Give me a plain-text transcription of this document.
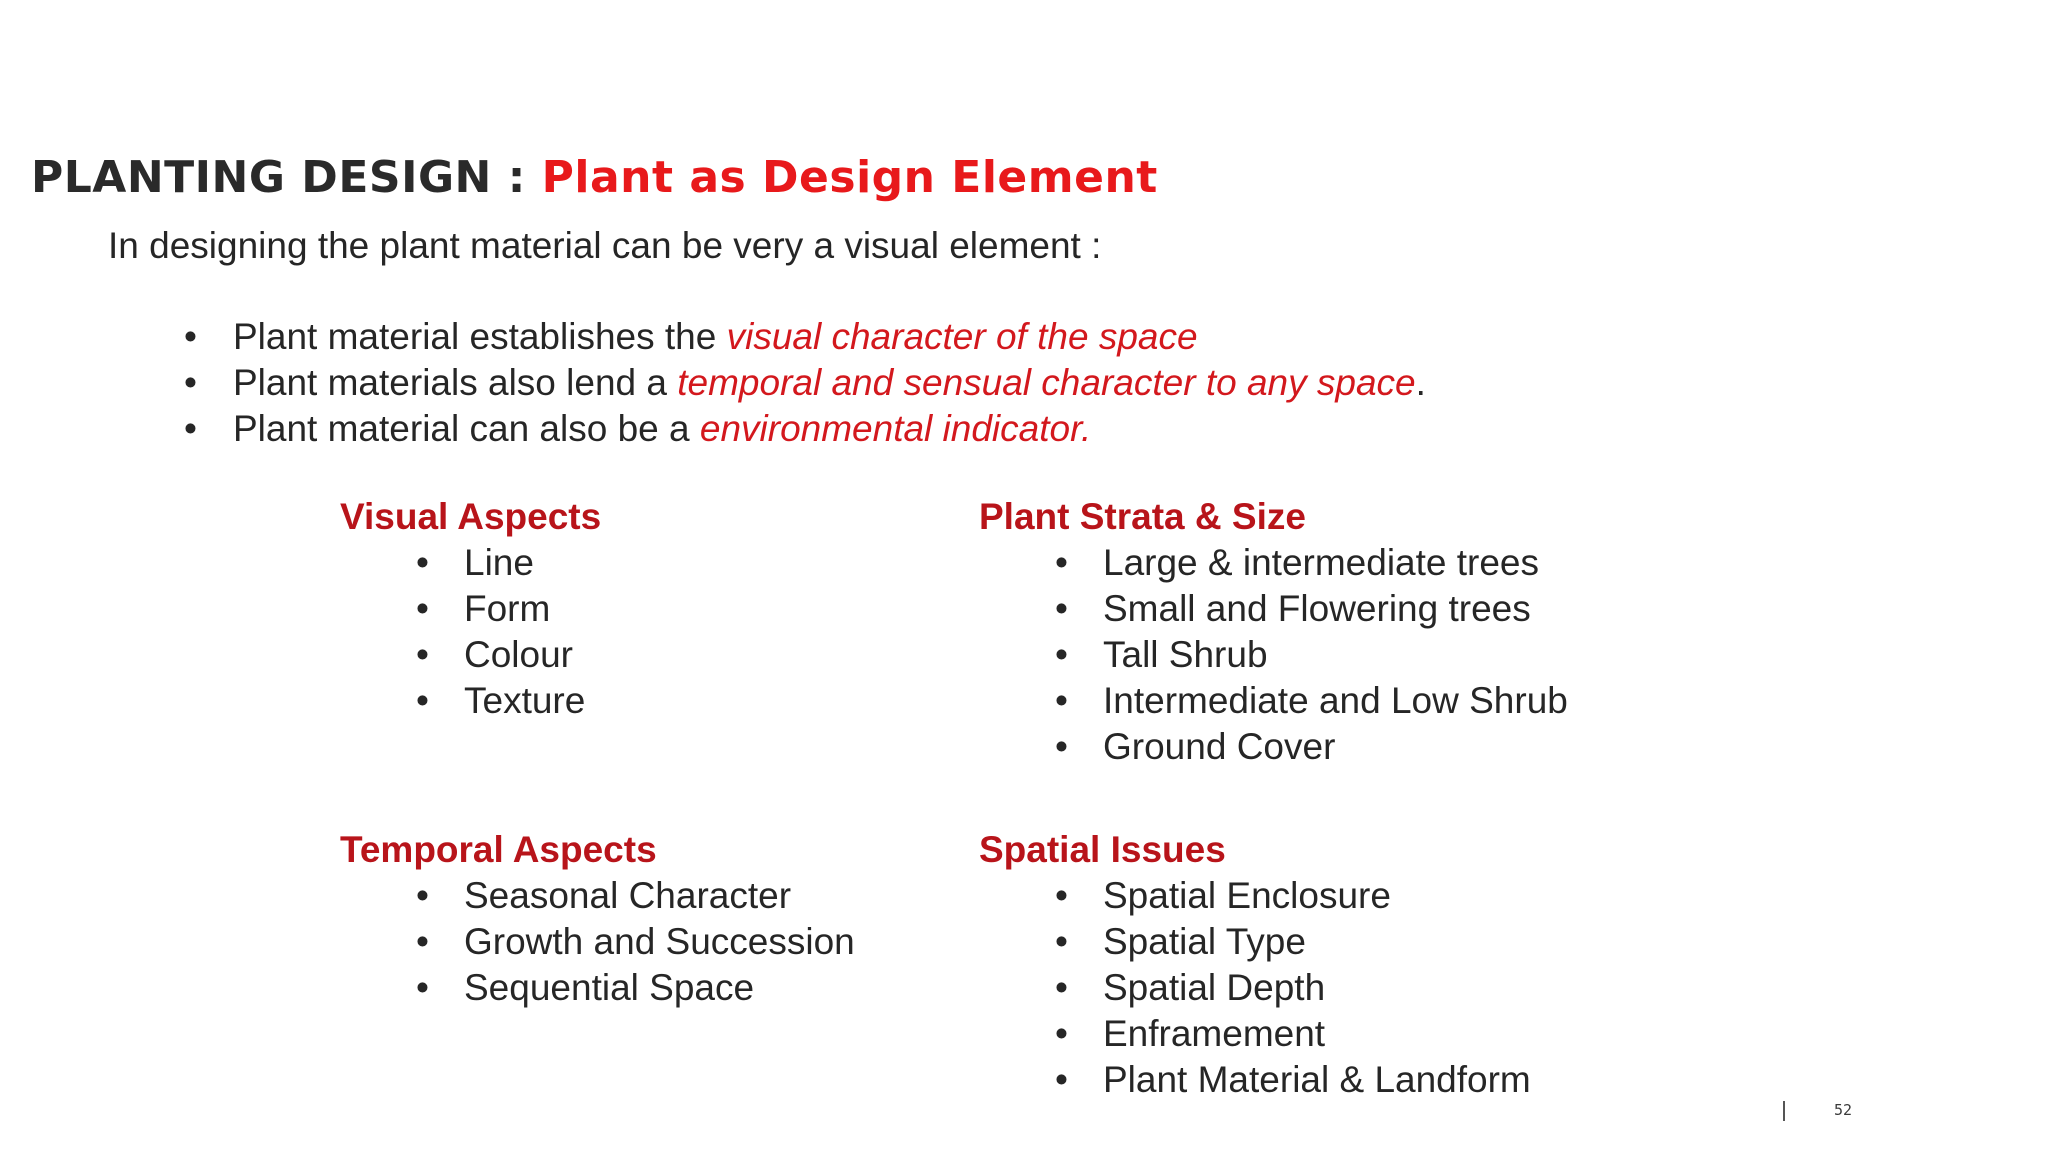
PLANTING DESIGN : Plant as Design Element

In designing the plant material can be very a visual element :

• Plant material establishes the visual character of the space
• Plant materials also lend a temporal and sensual character to any space.
• Plant material can also be a environmental indicator.
Visual Aspects
• Line
• Form
• Colour
• Texture
Plant Strata & Size
• Large & intermediate trees
• Small and Flowering trees
• Tall Shrub
• Intermediate and Low Shrub
• Ground Cover
Temporal Aspects
• Seasonal Character
• Growth and Succession
• Sequential Space
Spatial Issues
• Spatial Enclosure
• Spatial Type
• Spatial Depth
• Enframement
• Plant Material & Landform
52
